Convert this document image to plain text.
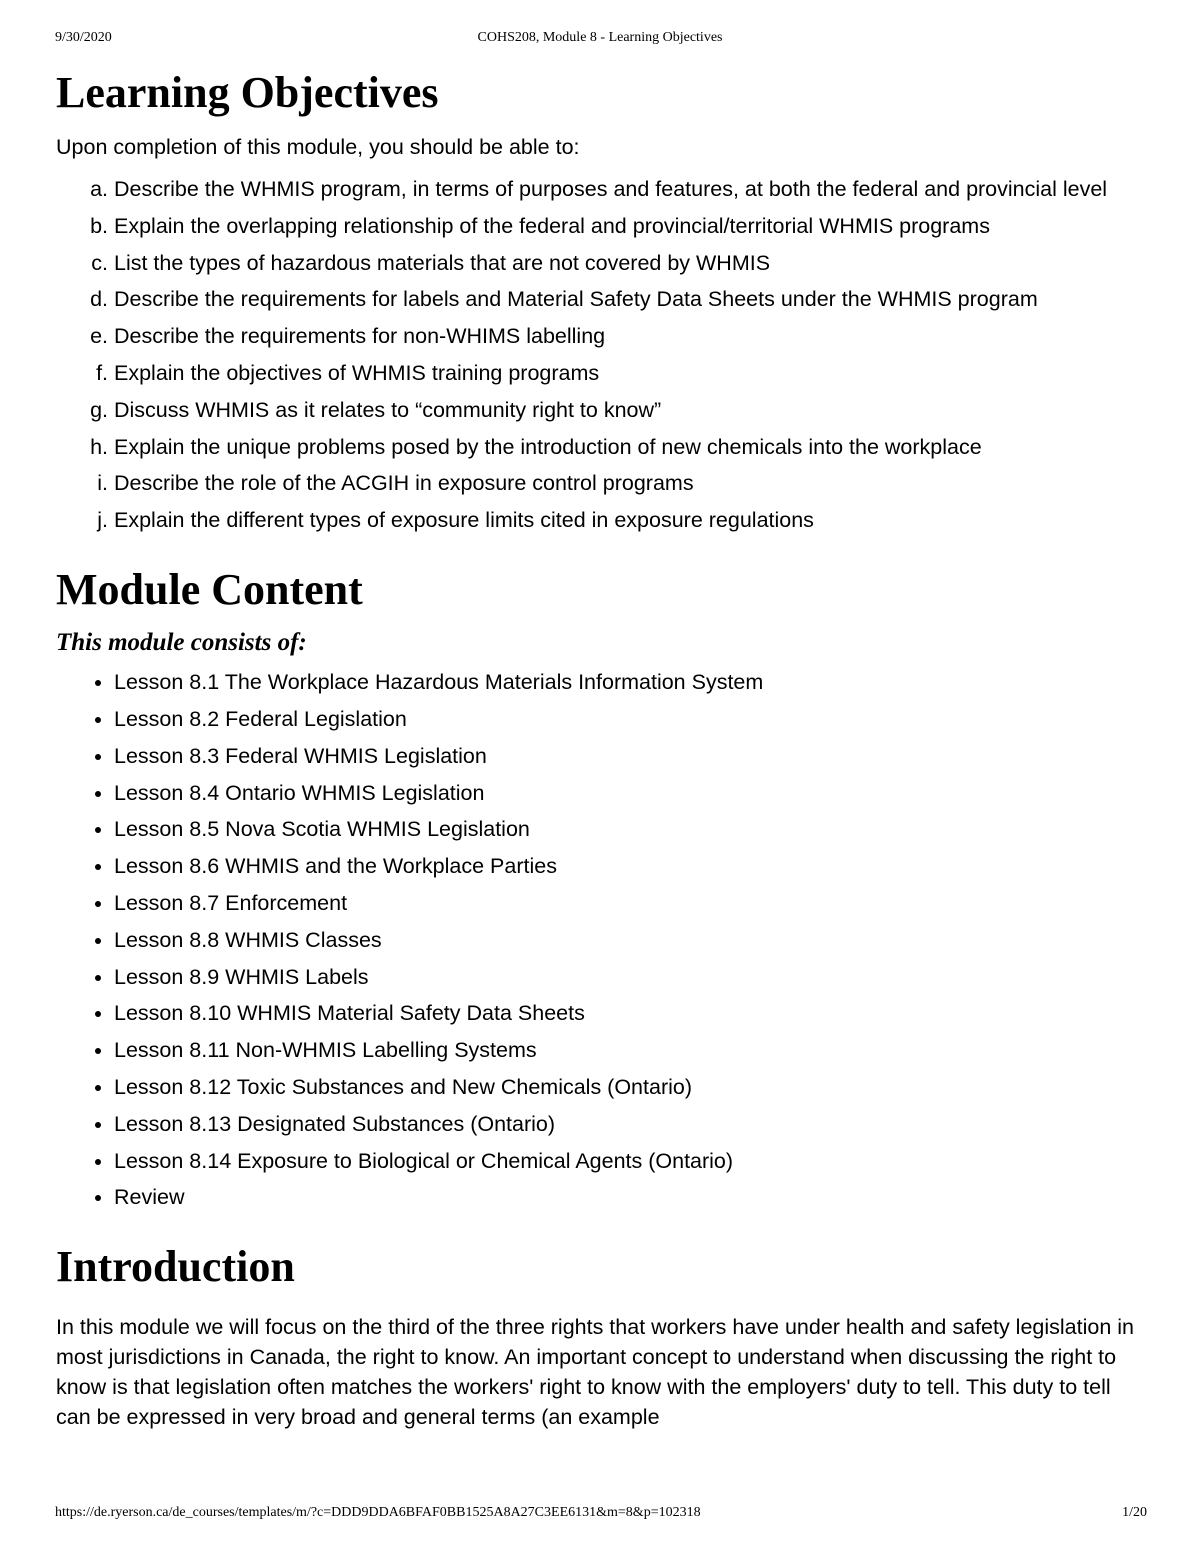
9/30/2020	COHS208, Module 8 - Learning Objectives
Learning Objectives

Upon completion of this module, you should be able to:

a. Describe the WHMIS program, in terms of purposes and features, at both the federal and provincial level
b. Explain the overlapping relationship of the federal and provincial/territorial WHMIS programs
c. List the types of hazardous materials that are not covered by WHMIS
d. Describe the requirements for labels and Material Safety Data Sheets under the WHMIS program
e. Describe the requirements for non-WHIMS labelling
f. Explain the objectives of WHMIS training programs
g. Discuss WHMIS as it relates to “community right to know”
h. Explain the unique problems posed by the introduction of new chemicals into the workplace
i. Describe the role of the ACGIH in exposure control programs
j. Explain the different types of exposure limits cited in exposure regulations
Module Content

This module consists of:

• Lesson 8.1 The Workplace Hazardous Materials Information System
• Lesson 8.2 Federal Legislation
• Lesson 8.3 Federal WHMIS Legislation
• Lesson 8.4 Ontario WHMIS Legislation
• Lesson 8.5 Nova Scotia WHMIS Legislation
• Lesson 8.6 WHMIS and the Workplace Parties
• Lesson 8.7 Enforcement
• Lesson 8.8 WHMIS Classes
• Lesson 8.9 WHMIS Labels
• Lesson 8.10 WHMIS Material Safety Data Sheets
• Lesson 8.11 Non-WHMIS Labelling Systems
• Lesson 8.12 Toxic Substances and New Chemicals (Ontario)
• Lesson 8.13 Designated Substances (Ontario)
• Lesson 8.14 Exposure to Biological or Chemical Agents (Ontario)
• Review
Introduction

In this module we will focus on the third of the three rights that workers have under health and safety legislation in most jurisdictions in Canada, the right to know. An important concept to understand when discussing the right to know is that legislation often matches the workers' right to know with the employers' duty to tell. This duty to tell can be expressed in very broad and general terms (an example

https://de.ryerson.ca/de_courses/templates/m/?c=DDD9DDA6BFAF0BB1525A8A27C3EE6131&m=8&p=102318	1/20
